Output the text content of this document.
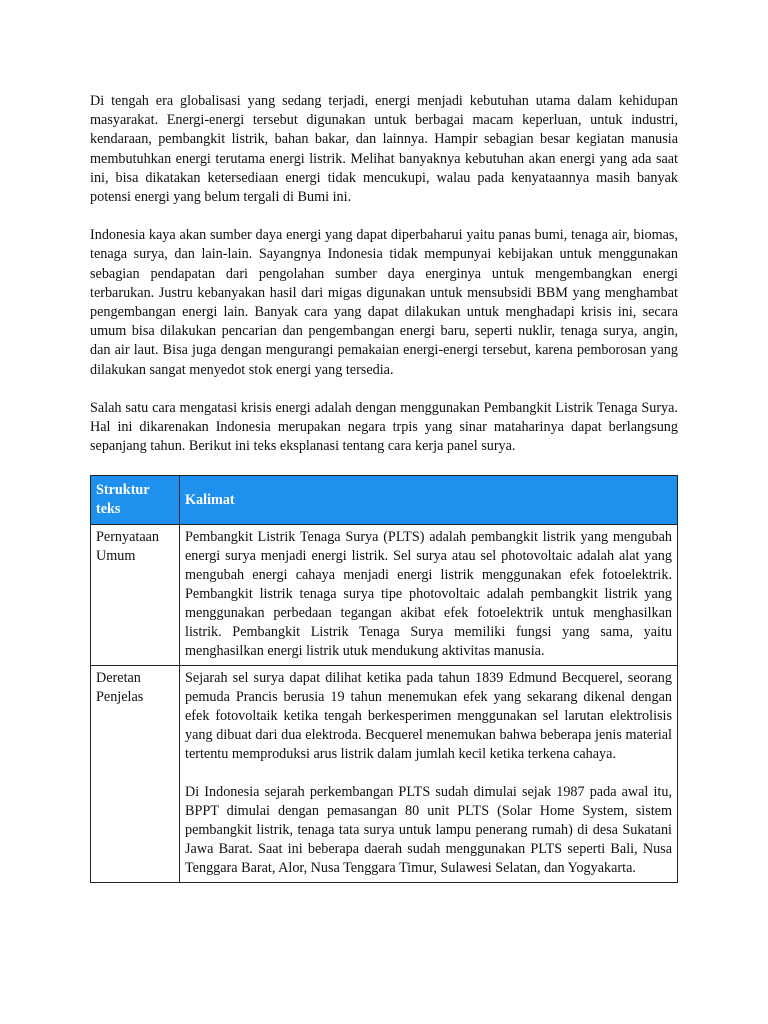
Di tengah era globalisasi yang sedang terjadi, energi menjadi kebutuhan utama dalam kehidupan masyarakat. Energi-energi tersebut digunakan untuk berbagai macam keperluan, untuk industri, kendaraan, pembangkit listrik, bahan bakar, dan lainnya. Hampir sebagian besar kegiatan manusia membutuhkan energi terutama energi listrik. Melihat banyaknya kebutuhan akan energi yang ada saat ini, bisa dikatakan ketersediaan energi tidak mencukupi, walau pada kenyataannya masih banyak potensi energi yang belum tergali di Bumi ini.

Indonesia kaya akan sumber daya energi yang dapat diperbaharui yaitu panas bumi, tenaga air, biomas, tenaga surya, dan lain-lain. Sayangnya Indonesia tidak mempunyai kebijakan untuk menggunakan sebagian pendapatan dari pengolahan sumber daya energinya untuk mengembangkan energi terbarukan. Justru kebanyakan hasil dari migas digunakan untuk mensubsidi BBM yang menghambat pengembangan energi lain. Banyak cara yang dapat dilakukan untuk menghadapi krisis ini, secara umum bisa dilakukan pencarian dan pengembangan energi baru, seperti nuklir, tenaga surya, angin, dan air laut. Bisa juga dengan mengurangi pemakaian energi-energi tersebut, karena pemborosan yang dilakukan sangat menyedot stok energi yang tersedia.

Salah satu cara mengatasi krisis energi adalah dengan menggunakan Pembangkit Listrik Tenaga Surya. Hal ini dikarenakan Indonesia merupakan negara trpis yang sinar mataharinya dapat berlangsung sepanjang tahun. Berikut ini teks eksplanasi tentang cara kerja panel surya.

Struktur teks	Kalimat
Pernyataan Umum	Pembangkit Listrik Tenaga Surya (PLTS) adalah pembangkit listrik yang mengubah energi surya menjadi energi listrik. Sel surya atau sel photovoltaic adalah alat yang mengubah energi cahaya menjadi energi listrik menggunakan efek fotoelektrik. Pembangkit listrik tenaga surya tipe photovoltaic adalah pembangkit listrik yang menggunakan perbedaan tegangan akibat efek fotoelektrik untuk menghasilkan listrik. Pembangkit Listrik Tenaga Surya memiliki fungsi yang sama, yaitu menghasilkan energi listrik utuk mendukung aktivitas manusia.

Deretan Penjelas	Sejarah sel surya dapat dilihat ketika pada tahun 1839 Edmund Becquerel, seorang pemuda Prancis berusia 19 tahun menemukan efek yang sekarang dikenal dengan efek fotovoltaik ketika tengah berkesperimen menggunakan sel larutan elektrolisis yang dibuat dari dua elektroda. Becquerel menemukan bahwa beberapa jenis material tertentu memproduksi arus listrik dalam jumlah kecil ketika terkena cahaya.

Di Indonesia sejarah perkembangan PLTS sudah dimulai sejak 1987 pada awal itu, BPPT dimulai dengan pemasangan 80 unit PLTS (Solar Home System, sistem pembangkit listrik, tenaga tata surya untuk lampu penerang rumah) di desa Sukatani Jawa Barat. Saat ini beberapa daerah sudah menggunakan PLTS seperti Bali, Nusa Tenggara Barat, Alor, Nusa Tenggara Timur, Sulawesi Selatan, dan Yogyakarta.
